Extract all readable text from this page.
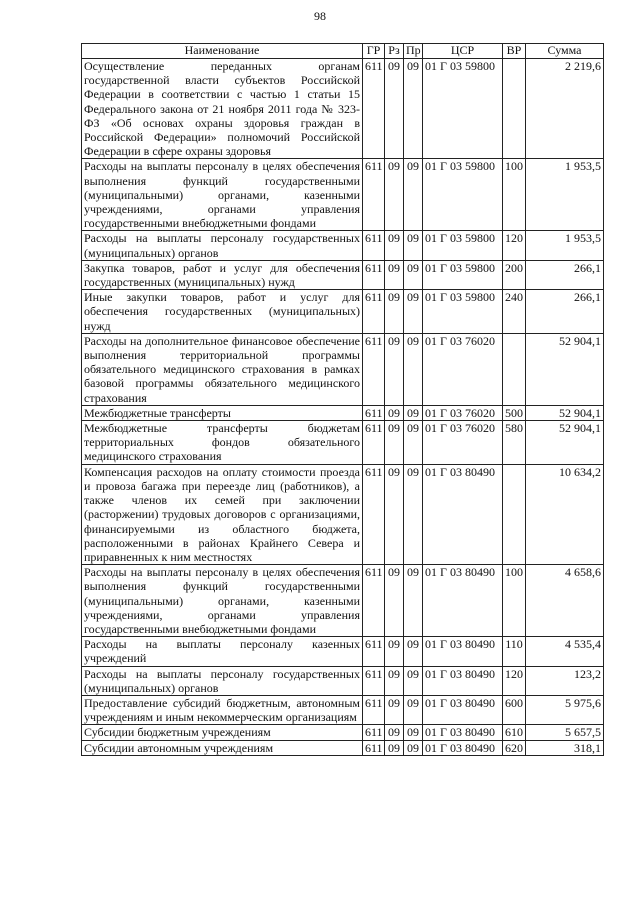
98
Наименование	ГР	Рз	Пр	ЦСР	ВР	Сумма
Осуществление переданных органам государственной власти субъектов Российской Федерации в соответствии с частью 1 статьи 15 Федерального закона от 21 ноября 2011 года № 323-ФЗ «Об основах охраны здоровья граждан в Российской Федерации» полномочий Российской Федерации в сфере охраны здоровья	611	09	09	01 Г 03 59800		2 219,6
Расходы на выплаты персоналу в целях обеспечения выполнения функций государственными (муниципальными) органами, казенными учреждениями, органами управления государственными внебюджетными фондами	611	09	09	01 Г 03 59800	100	1 953,5
Расходы на выплаты персоналу государственных (муниципальных) органов	611	09	09	01 Г 03 59800	120	1 953,5
Закупка товаров, работ и услуг для обеспечения государственных (муниципальных) нужд	611	09	09	01 Г 03 59800	200	266,1
Иные закупки товаров, работ и услуг для обеспечения государственных (муниципальных) нужд	611	09	09	01 Г 03 59800	240	266,1
Расходы на дополнительное финансовое обеспечение выполнения территориальной программы обязательного медицинского страхования в рамках базовой программы обязательного медицинского страхования	611	09	09	01 Г 03 76020		52 904,1
Межбюджетные трансферты	611	09	09	01 Г 03 76020	500	52 904,1
Межбюджетные трансферты бюджетам территориальных фондов обязательного медицинского страхования	611	09	09	01 Г 03 76020	580	52 904,1
Компенсация расходов на оплату стоимости проезда и провоза багажа при переезде лиц (работников), а также членов их семей при заключении (расторжении) трудовых договоров с организациями, финансируемыми из областного бюджета, расположенными в районах Крайнего Севера и приравненных к ним местностях	611	09	09	01 Г 03 80490		10 634,2
Расходы на выплаты персоналу в целях обеспечения выполнения функций государственными (муниципальными) органами, казенными учреждениями, органами управления государственными внебюджетными фондами	611	09	09	01 Г 03 80490	100	4 658,6
Расходы на выплаты персоналу казенных учреждений	611	09	09	01 Г 03 80490	110	4 535,4
Расходы на выплаты персоналу государственных (муниципальных) органов	611	09	09	01 Г 03 80490	120	123,2
Предоставление субсидий бюджетным, автономным учреждениям и иным некоммерческим организациям	611	09	09	01 Г 03 80490	600	5 975,6
Субсидии бюджетным учреждениям	611	09	09	01 Г 03 80490	610	5 657,5
Субсидии автономным учреждениям	611	09	09	01 Г 03 80490	620	318,1
